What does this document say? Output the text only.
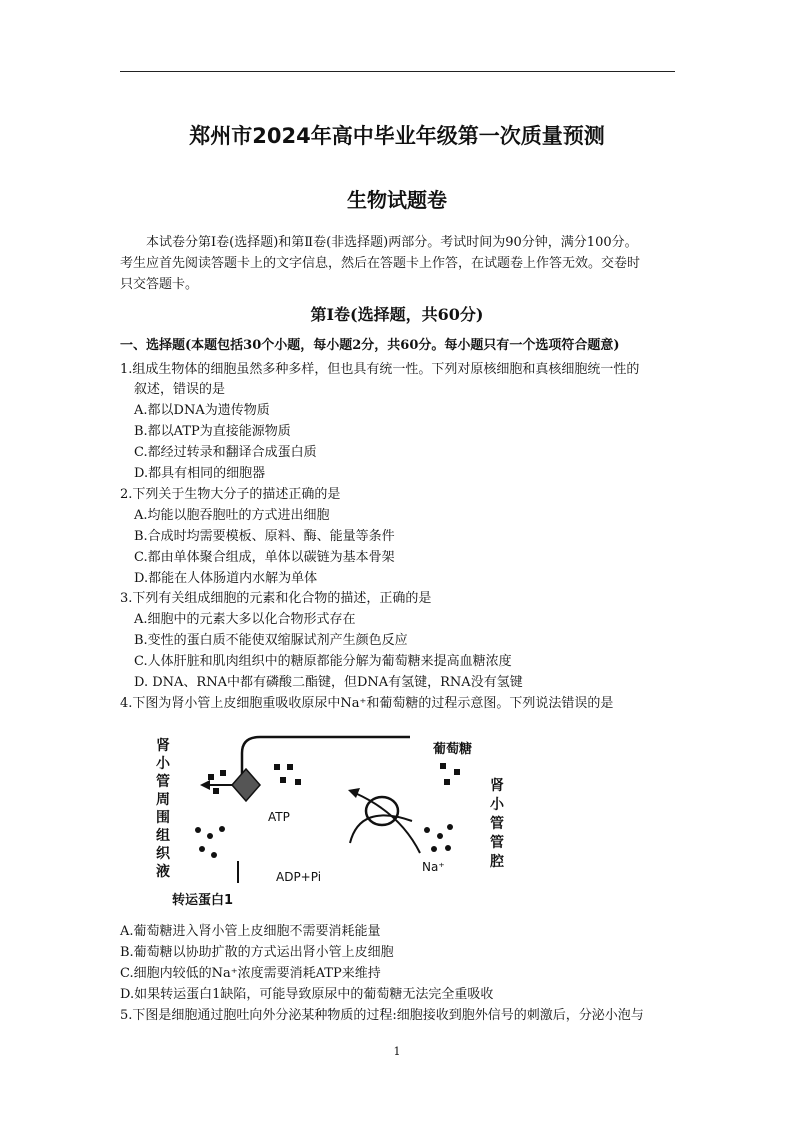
郑州市2024年高中毕业年级第一次质量预测
生物试题卷
本试卷分第Ⅰ卷(选择题)和第Ⅱ卷(非选择题)两部分。考试时间为90分钟，满分100分。
考生应首先阅读答题卡上的文字信息，然后在答题卡上作答，在试题卷上作答无效。交卷时
只交答题卡。
第Ⅰ卷(选择题，共60分)
一、选择题(本题包括30个小题，每小题2分，共60分。每小题只有一个选项符合题意)
1.组成生物体的细胞虽然多种多样，但也具有统一性。下列对原核细胞和真核细胞统一性的
叙述，错误的是
A.都以DNA为遗传物质
B.都以ATP为直接能源物质
C.都经过转录和翻译合成蛋白质
D.都具有相同的细胞器
2.下列关于生物大分子的描述正确的是
A.均能以胞吞胞吐的方式进出细胞
B.合成时均需要模板、原料、酶、能量等条件
C.都由单体聚合组成，单体以碳链为基本骨架
D.都能在人体肠道内水解为单体
3.下列有关组成细胞的元素和化合物的描述，正确的是
A.细胞中的元素大多以化合物形式存在
B.变性的蛋白质不能使双缩脲试剂产生颜色反应
C.人体肝脏和肌肉组织中的糖原都能分解为葡萄糖来提高血糖浓度
D. DNA、RNA中都有磷酸二酯键，但DNA有氢键，RNA没有氢键
4.下图为肾小管上皮细胞重吸收原尿中Na⁺和葡萄糖的过程示意图。下列说法错误的是
肾
小
管
周
围
组
织
液
肾
小
管
管
腔
ATP
ADP+Pi
转运蛋白1
葡萄糖
Na⁺
A.葡萄糖进入肾小管上皮细胞不需要消耗能量
B.葡萄糖以协助扩散的方式运出肾小管上皮细胞
C.细胞内较低的Na⁺浓度需要消耗ATP来维持
D.如果转运蛋白1缺陷，可能导致原尿中的葡萄糖无法完全重吸收
5.下图是细胞通过胞吐向外分泌某种物质的过程:细胞接收到胞外信号的刺激后，分泌小泡与
1
